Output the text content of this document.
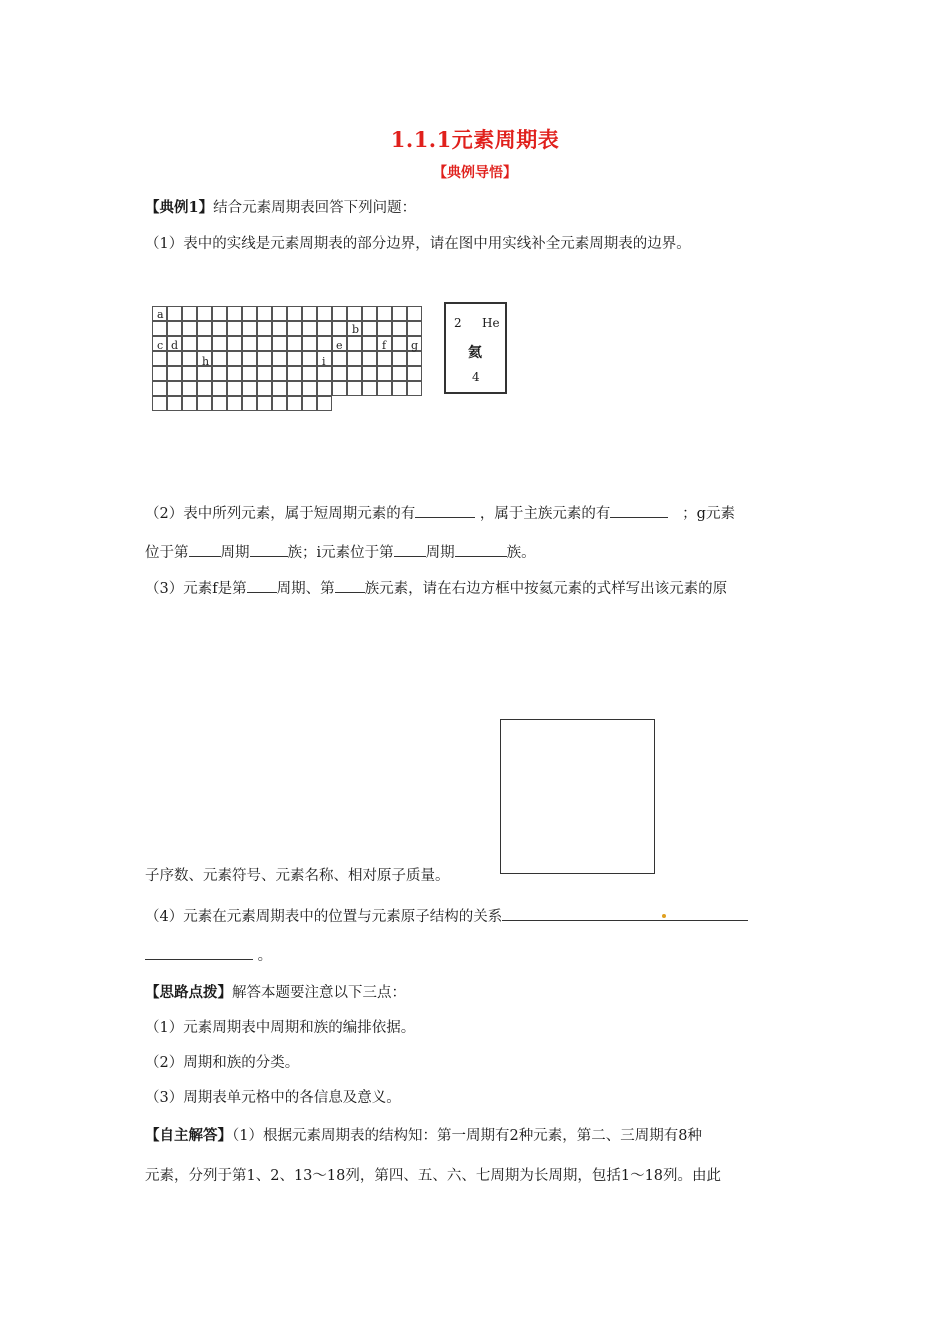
1.1.1元素周期表
【典例导悟】
【典例1】结合元素周期表回答下列问题：
（1）表中的实线是元素周期表的部分边界，请在图中用实线补全元素周期表的边界。
a
b
c d	e	f g
h	i
2 He
氦
4
（2）表中所列元素，属于短周期元素的有	，属于主族元素的有	；g元素
位于第 周期	族；i元素位于第 周期	族。
（3）元素f是第 周期、第 族元素，请在右边方框中按氦元素的式样写出该元素的原
子序数、元素符号、元素名称、相对原子质量。
（4）元素在元素周期表中的位置与元素原子结构的关系
。
【思路点拨】解答本题要注意以下三点：
（1）元素周期表中周期和族的编排依据。
（2）周期和族的分类。
（3）周期表单元格中的各信息及意义。
【自主解答】（1）根据元素周期表的结构知：第一周期有2种元素，第二、三周期有8种
元素，分列于第1、2、13～18列，第四、五、六、七周期为长周期，包括1～18列。由此
